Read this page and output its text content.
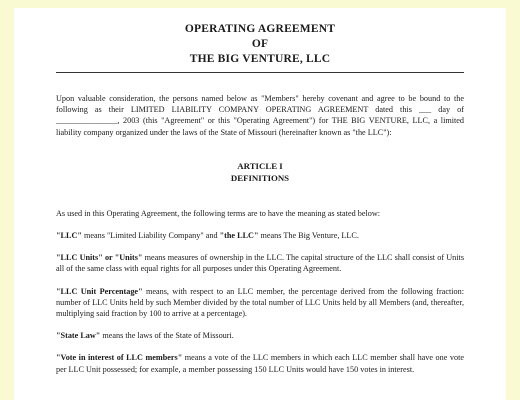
OPERATING AGREEMENT
OF
THE BIG VENTURE, LLC

Upon valuable consideration, the persons named below as "Members" hereby covenant and agree to be bound to the following as their LIMITED LIABILITY COMPANY OPERATING AGREEMENT dated this ___ day of _______________, 2003 (this "Agreement" or this "Operating Agreement") for THE BIG VENTURE, LLC, a limited liability company organized under the laws of the State of Missouri (hereinafter known as "the LLC"):

ARTICLE I
DEFINITIONS

As used in this Operating Agreement, the following terms are to have the meaning as stated below:

"LLC" means "Limited Liability Company" and "the LLC" means The Big Venture, LLC.

"LLC Units" or "Units" means measures of ownership in the LLC. The capital structure of the LLC shall consist of Units all of the same class with equal rights for all purposes under this Operating Agreement.

"LLC Unit Percentage" means, with respect to an LLC member, the percentage derived from the following fraction: number of LLC Units held by such Member divided by the total number of LLC Units held by all Members (and, thereafter, multiplying said fraction by 100 to arrive at a percentage).

"State Law" means the laws of the State of Missouri.

"Vote in interest of LLC members" means a vote of the LLC members in which each LLC member shall have one vote per LLC Unit possessed; for example, a member possessing 150 LLC Units would have 150 votes in interest.
